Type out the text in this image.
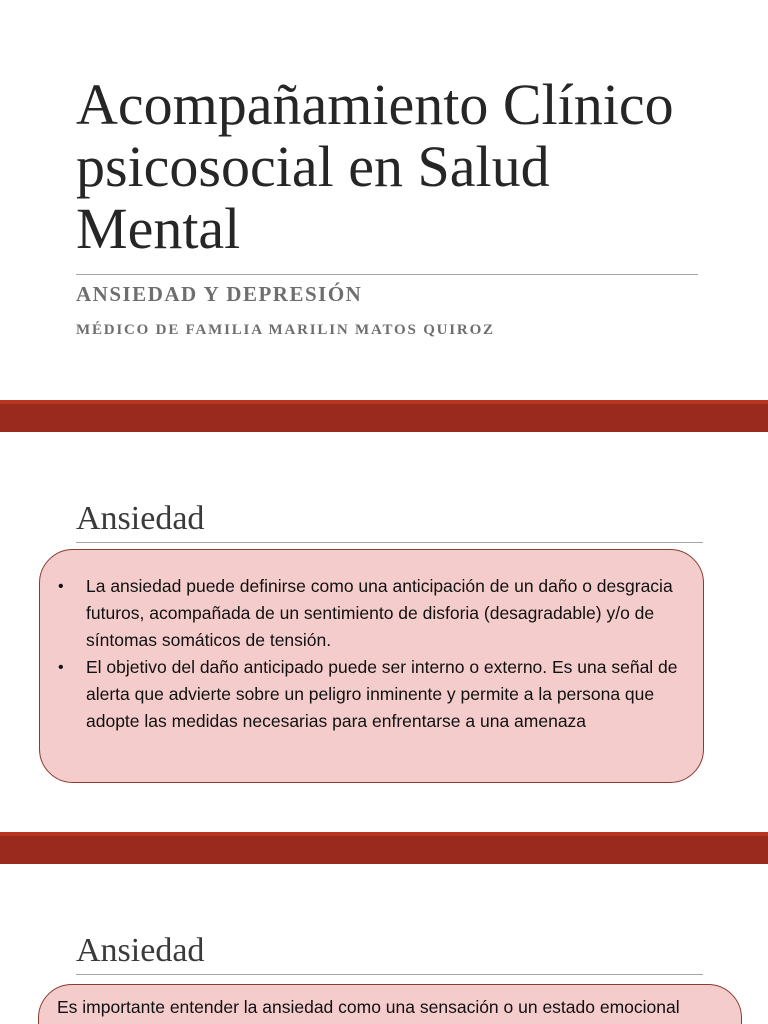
Acompañamiento Clínico psicosocial en Salud Mental
ANSIEDAD Y DEPRESIÓN

MÉDICO DE FAMILIA MARILIN MATOS QUIROZ

Ansiedad
• La ansiedad puede definirse como una anticipación de un daño o desgracia futuros, acompañada de un sentimiento de disforia (desagradable) y/o de síntomas somáticos de tensión.
• El objetivo del daño anticipado puede ser interno o externo. Es una señal de alerta que advierte sobre un peligro inminente y permite a la persona que adopte las medidas necesarias para enfrentarse a una amenaza
Ansiedad

Es importante entender la ansiedad como una sensación o un estado emocional
